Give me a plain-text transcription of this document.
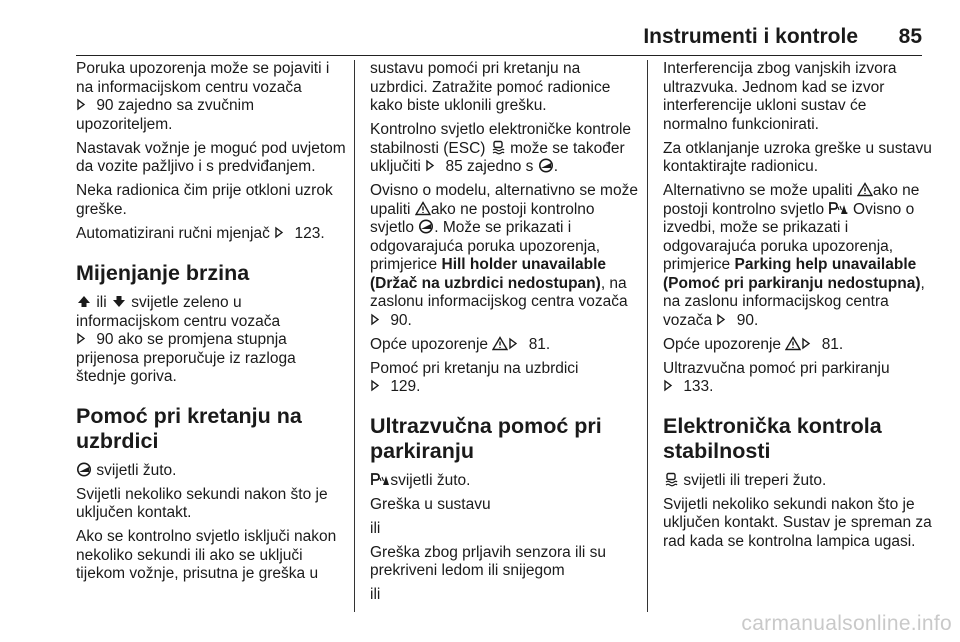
Instrumenti i kontrole 85

Poruka upozorenja može se pojaviti i na informacijskom centru vozača

90 zajedno sa zvučnim upozoriteljem.

Nastavak vožnje je moguć pod uvjetom da vozite pažljivo i s predviđanjem.

Neka radionica čim prije otkloni uzrok greške.

Automatizirani ručni mjenjač 123.

Mijenjanje brzina

ili svijetle zeleno u informacijskom centru vozača

90 ako se promjena stupnja prijenosa preporučuje iz razloga štednje goriva.

Pomoć pri kretanju na uzbrdici

svijetli žuto.

Svijetli nekoliko sekundi nakon što je uključen kontakt.

Ako se kontrolno svjetlo isključi nakon nekoliko sekundi ili ako se uključi tijekom vožnje, prisutna je greška u

sustavu pomoći pri kretanju na uzbrdici. Zatražite pomoć radionice kako biste uklonili grešku.

Kontrolno svjetlo elektroničke kontrole stabilnosti (ESC) može se također uključiti 85 zajedno s .

Ovisno o modelu, alternativno se može upaliti ako ne postoji kontrolno svjetlo . Može se prikazati i odgovarajuća poruka upozorenja, primjerice Hill holder unavailable (Držač na uzbrdici nedostupan), na zaslonu informacijskog centra vozača
90.

Opće upozorenje	81.

Pomoć pri kretanju na uzbrdici

129.

Ultrazvučna pomoć pri parkiranju

svijetli žuto.

Greška u sustavu

ili

Greška zbog prljavih senzora ili su prekriveni ledom ili snijegom

ili

Interferencija zbog vanjskih izvora ultrazvuka. Jednom kad se izvor interferencije ukloni sustav će normalno funkcionirati.

Za otklanjanje uzroka greške u sustavu kontaktirajte radionicu.

Alternativno se može upaliti ako ne postoji kontrolno svjetlo . Ovisno o izvedbi, može se prikazati i odgovarajuća poruka upozorenja, primjerice Parking help unavailable (Pomoć pri parkiranju nedostupna), na zaslonu informacijskog centra vozača 90.

Opće upozorenje	81.

Ultrazvučna pomoć pri parkiranju

133.

Elektronička kontrola stabilnosti

svijetli ili treperi žuto.

Svijetli nekoliko sekundi nakon što je uključen kontakt. Sustav je spreman za rad kada se kontrolna lampica ugasi.

carmanualsonline.info
